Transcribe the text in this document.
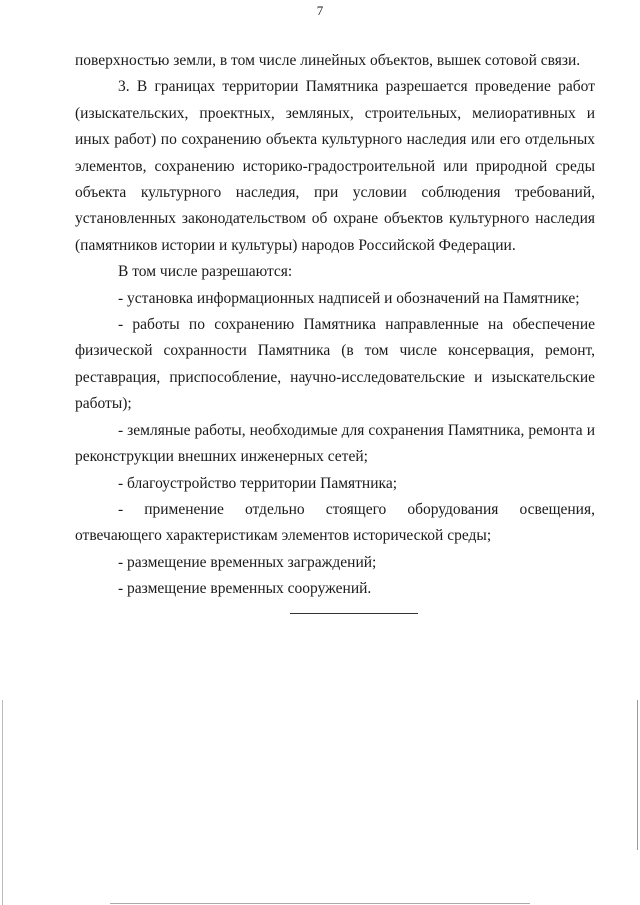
7

поверхностью земли, в том числе линейных объектов, вышек сотовой связи.

3. В границах территории Памятника разрешается проведение работ (изыскательских, проектных, земляных, строительных, мелиоративных и иных работ) по сохранению объекта культурного наследия или его отдельных элементов, сохранению историко-градостроительной или природной среды объекта культурного наследия, при условии соблюдения требований, установленных законодательством об охране объектов культурного наследия (памятников истории и культуры) народов Российской Федерации.

В том числе разрешаются:

- установка информационных надписей и обозначений на Памятнике;

- работы по сохранению Памятника направленные на обеспечение физической сохранности Памятника (в том числе консервация, ремонт, реставрация, приспособление, научно-исследовательские и изыскательские работы);

- земляные работы, необходимые для сохранения Памятника, ремонта и реконструкции внешних инженерных сетей;

- благоустройство территории Памятника;

- применение отдельно стоящего оборудования освещения, отвечающего характеристикам элементов исторической среды;

- размещение временных заграждений;

- размещение временных сооружений.
